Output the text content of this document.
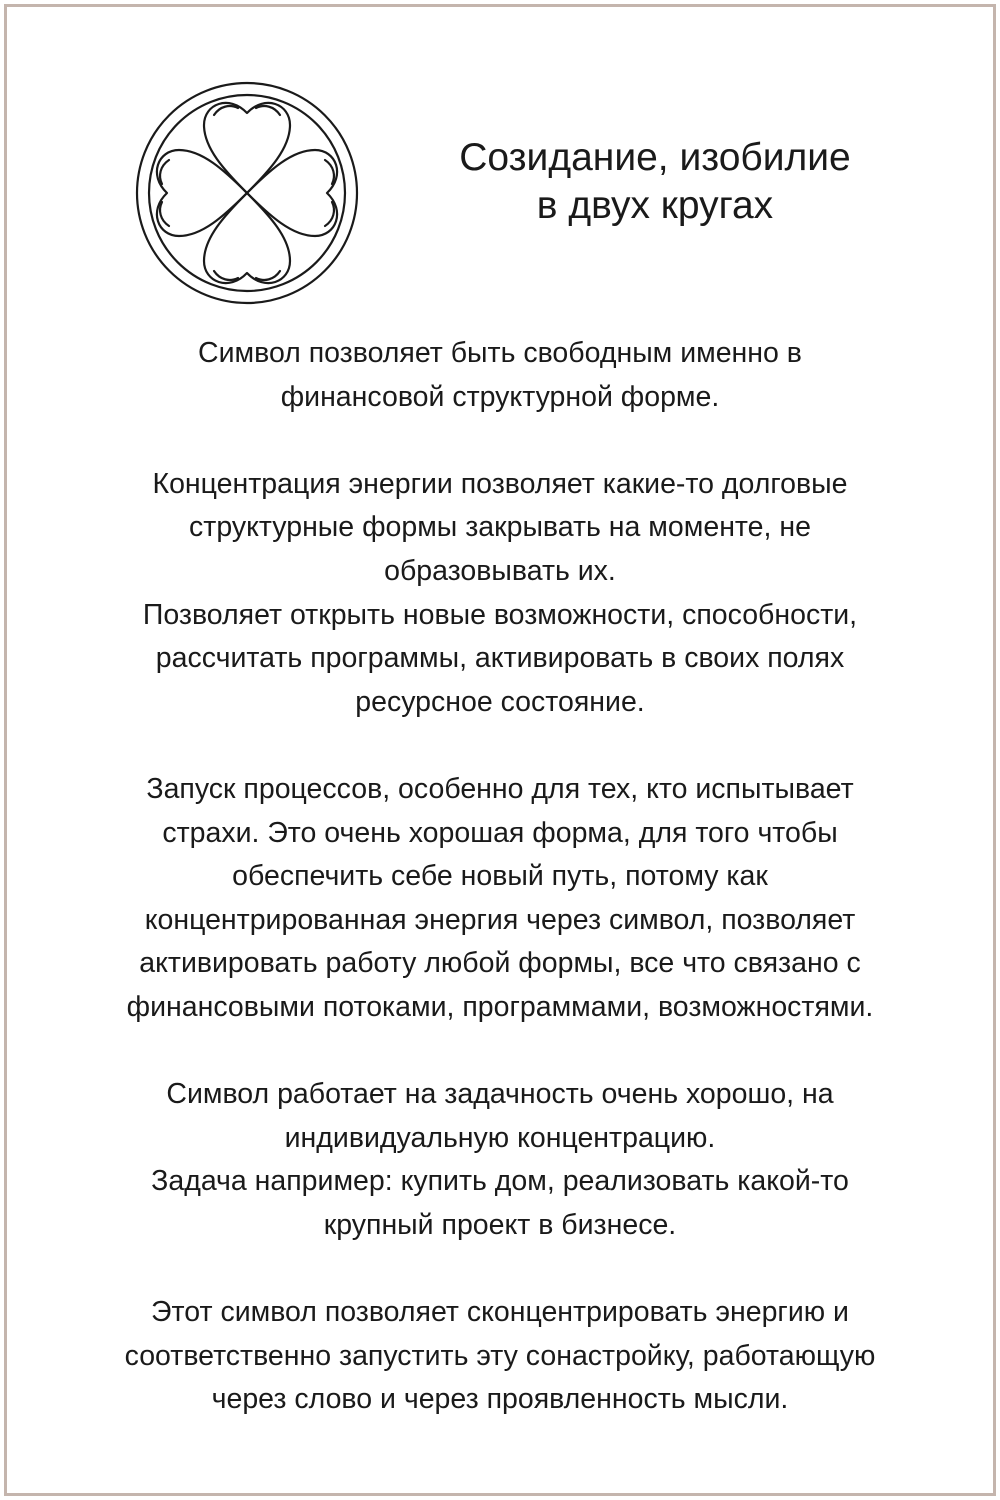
Созидание, изобилие
в двух кругах

Символ позволяет быть свободным именно в
финансовой структурной форме.

Концентрация энергии позволяет какие-то долговые
структурные формы закрывать на моменте, не
образовывать их.
Позволяет открыть новые возможности, способности,
рассчитать программы, активировать в своих полях
ресурсное состояние.

Запуск процессов, особенно для тех, кто испытывает
страхи. Это очень хорошая форма, для того чтобы
обеспечить себе новый путь, потому как
концентрированная энергия через символ, позволяет
активировать работу любой формы, все что связано с
финансовыми потоками, программами, возможностями.

Символ работает на задачность очень хорошо, на
индивидуальную концентрацию.
Задача например: купить дом, реализовать какой-то
крупный проект в бизнесе.

Этот символ позволяет сконцентрировать энергию и
соответственно запустить эту сонастройку, работающую
через слово и через проявленность мысли.
